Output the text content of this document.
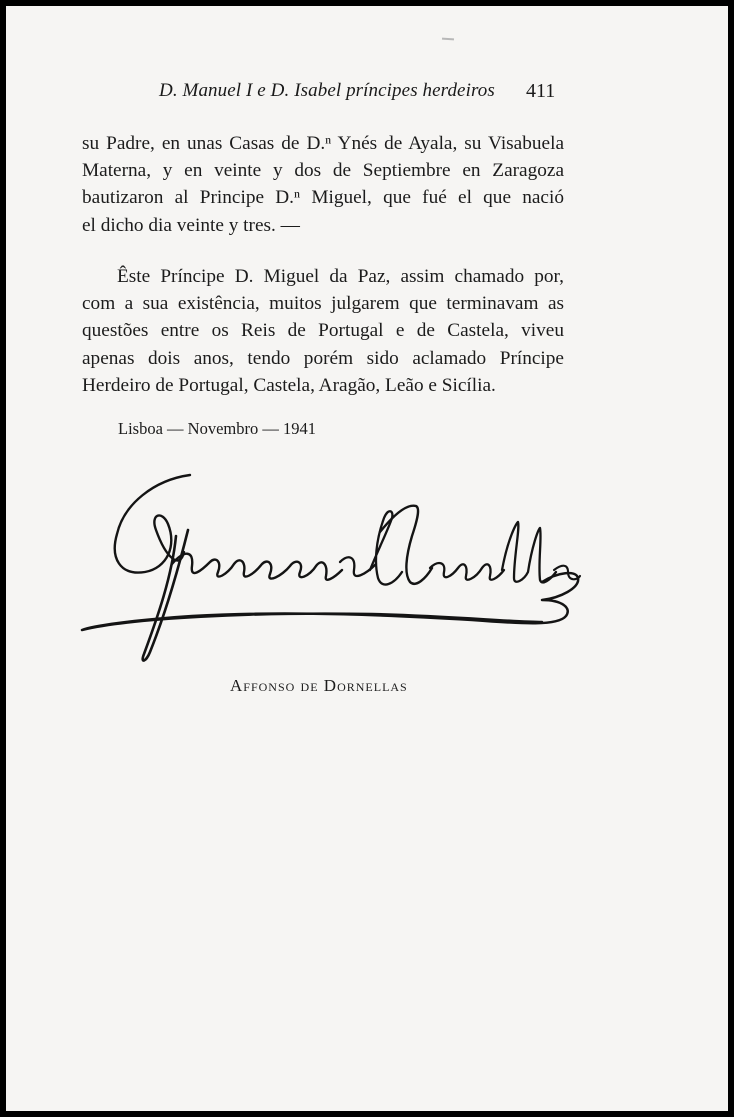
D. Manuel I e D. Isabel príncipes herdeiros 411

su Padre, en unas Casas de D.ⁿ Ynés de Ayala, su Visabuela
Materna, y en veinte y dos de Septiembre en Zaragoza
bautizaron al Principe D.ⁿ Miguel, que fué el que nació
el dicho dia veinte y tres. —

Êste Príncipe D. Miguel da Paz, assim chamado por,
com a sua existência, muitos julgarem que terminavam as
questões entre os Reis de Portugal e de Castela, viveu
apenas dois anos, tendo porém sido aclamado Príncipe
Herdeiro de Portugal, Castela, Aragão, Leão e Sicília.

Lisboa — Novembro — 1941
Affonso de Dornellas
